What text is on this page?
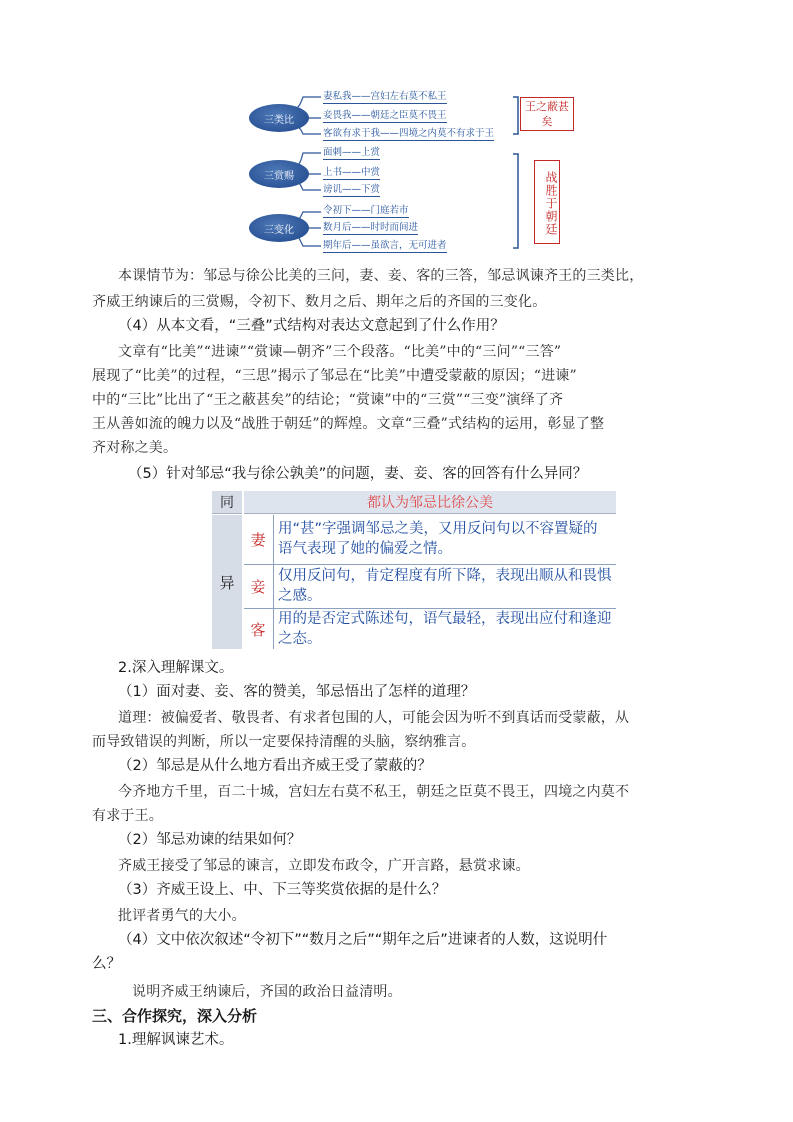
三类比
三赏赐
三变化
妻私我——宫妇左右莫不私王
妾畏我——朝廷之臣莫不畏王
客欲有求于我——四境之内莫不有求于王
面刺——上赏
上书——中赏
谤讥——下赏
令初下——门庭若市
数月后——时时而间进
期年后——虽欲言，无可进者
王之蔽甚矣
战胜于朝廷
本课情节为：邹忌与徐公比美的三问，妻、妾、客的三答，邹忌讽谏齐王的三类比，
齐威王纳谏后的三赏赐，令初下、数月之后、期年之后的齐国的三变化。
（4）从本文看，“三叠”式结构对表达文意起到了什么作用？
文章有“比美”“进谏”“赏谏—朝齐”三个段落。“比美”中的“三问”“三答”
展现了“比美”的过程，“三思”揭示了邹忌在“比美”中遭受蒙蔽的原因；“进谏”
中的“三比”比出了“王之蔽甚矣”的结论；“赏谏”中的“三赏”“三变”演绎了齐
王从善如流的魄力以及“战胜于朝廷”的辉煌。文章“三叠”式结构的运用，彰显了整
齐对称之美。
（5）针对邹忌“我与徐公孰美”的问题，妻、妾、客的回答有什么异同？
同	都认为邹忌比徐公美
异
妻
用“甚”字强调邹忌之美，又用反问句以不容置疑的语气表现了她的偏爱之情。
妾
仅用反问句，肯定程度有所下降，表现出顺从和畏惧之感。
客
用的是否定式陈述句，语气最轻，表现出应付和逢迎之态。
2.深入理解课文。
（1）面对妻、妾、客的赞美，邹忌悟出了怎样的道理？
道理：被偏爱者、敬畏者、有求者包围的人，可能会因为听不到真话而受蒙蔽，从
而导致错误的判断，所以一定要保持清醒的头脑，察纳雅言。
（2）邹忌是从什么地方看出齐威王受了蒙蔽的？
今齐地方千里，百二十城，宫妇左右莫不私王，朝廷之臣莫不畏王，四境之内莫不
有求于王。
（2）邹忌劝谏的结果如何？
齐威王接受了邹忌的谏言，立即发布政令，广开言路，悬赏求谏。
（3）齐威王设上、中、下三等奖赏依据的是什么？
批评者勇气的大小。
（4）文中依次叙述“令初下”“数月之后”“期年之后”进谏者的人数，这说明什
么？
说明齐威王纳谏后，齐国的政治日益清明。
三、合作探究，深入分析
1.理解讽谏艺术。
